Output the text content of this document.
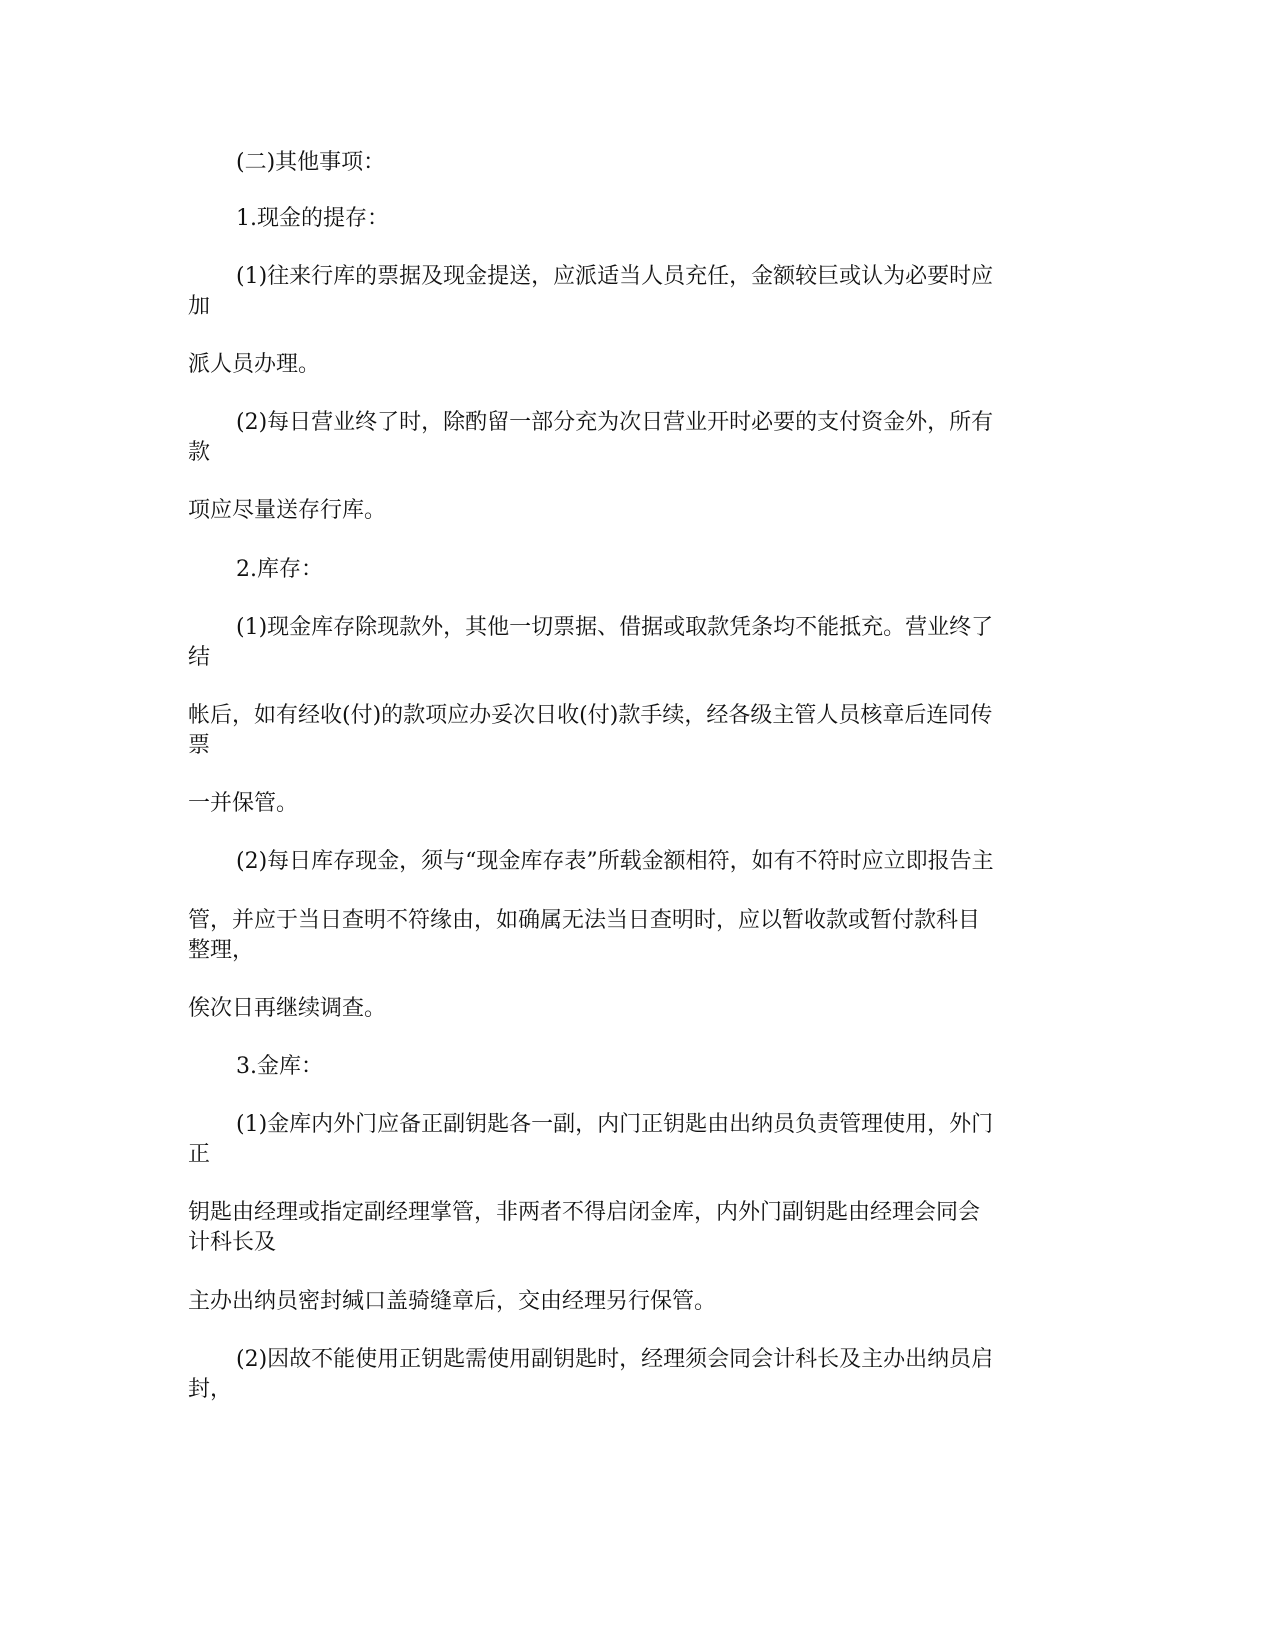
(二)其他事项：
1.现金的提存：
(1)往来行库的票据及现金提送，应派适当人员充任，金额较巨或认为必要时应
加
派人员办理。
(2)每日营业终了时，除酌留一部分充为次日营业开时必要的支付资金外，所有
款
项应尽量送存行库。
2.库存：
(1)现金库存除现款外，其他一切票据、借据或取款凭条均不能抵充。营业终了
结
帐后，如有经收(付)的款项应办妥次日收(付)款手续，经各级主管人员核章后连同传
票
一并保管。
(2)每日库存现金，须与“现金库存表”所载金额相符，如有不符时应立即报告主
管，并应于当日查明不符缘由，如确属无法当日查明时，应以暂收款或暂付款科目
整理，
俟次日再继续调查。
3.金库：
(1)金库内外门应备正副钥匙各一副，内门正钥匙由出纳员负责管理使用，外门
正
钥匙由经理或指定副经理掌管，非两者不得启闭金库，内外门副钥匙由经理会同会
计科长及
主办出纳员密封缄口盖骑缝章后，交由经理另行保管。
(2)因故不能使用正钥匙需使用副钥匙时，经理须会同会计科长及主办出纳员启
封，
